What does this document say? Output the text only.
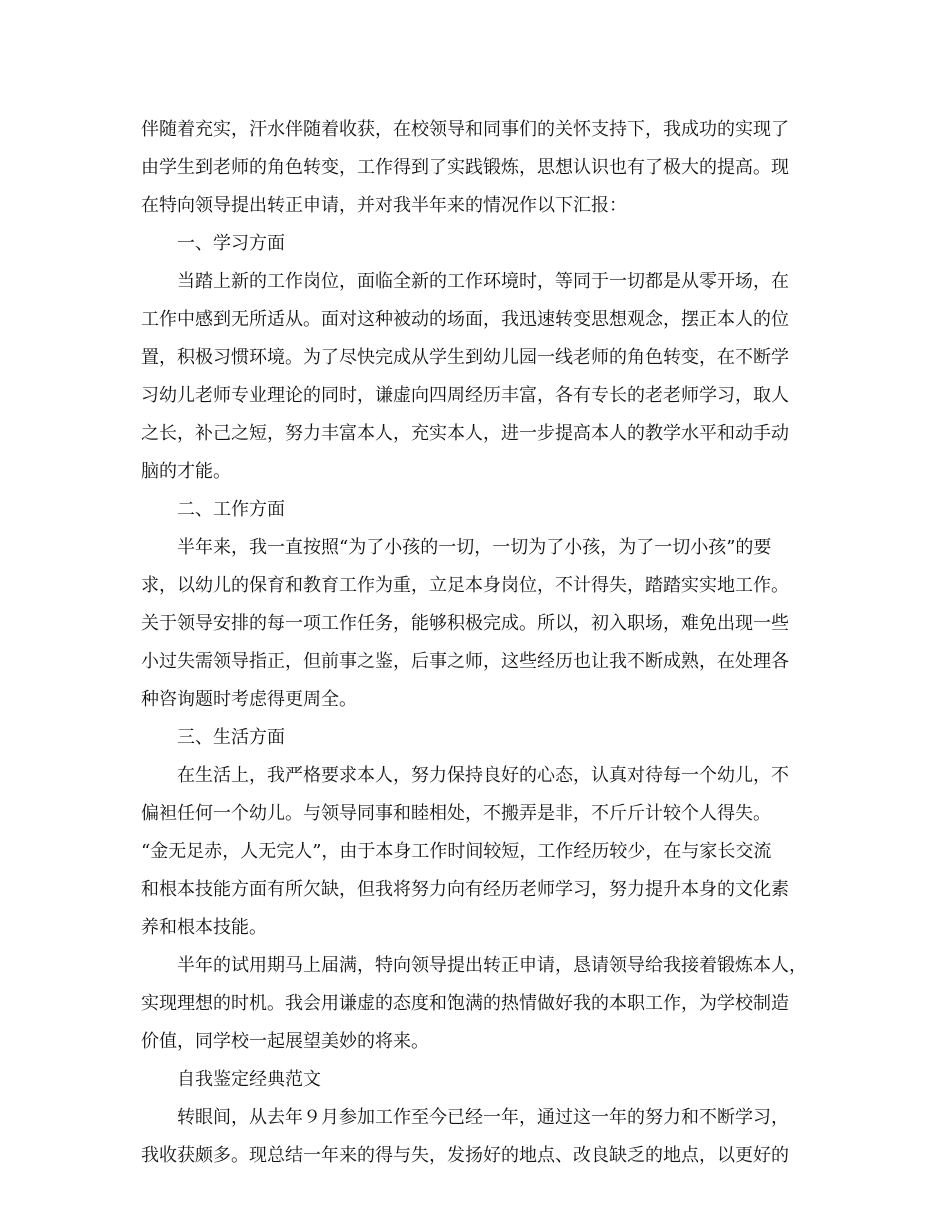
伴随着充实，汗水伴随着收获，在校领导和同事们的关怀支持下，我成功的实现了
由学生到老师的角色转变，工作得到了实践锻炼，思想认识也有了极大的提高。现
在特向领导提出转正申请，并对我半年来的情况作以下汇报：
一、学习方面
当踏上新的工作岗位，面临全新的工作环境时，等同于一切都是从零开场，在
工作中感到无所适从。面对这种被动的场面，我迅速转变思想观念，摆正本人的位
置，积极习惯环境。为了尽快完成从学生到幼儿园一线老师的角色转变，在不断学
习幼儿老师专业理论的同时，谦虚向四周经历丰富，各有专长的老老师学习，取人
之长，补己之短，努力丰富本人，充实本人，进一步提高本人的教学水平和动手动
脑的才能。
二、工作方面
半年来，我一直按照“为了小孩的一切，一切为了小孩，为了一切小孩”的要
求，以幼儿的保育和教育工作为重，立足本身岗位，不计得失，踏踏实实地工作。
关于领导安排的每一项工作任务，能够积极完成。所以，初入职场，难免出现一些
小过失需领导指正，但前事之鉴，后事之师，这些经历也让我不断成熟，在处理各
种咨询题时考虑得更周全。
三、生活方面
在生活上，我严格要求本人，努力保持良好的心态，认真对待每一个幼儿，不
偏袒任何一个幼儿。与领导同事和睦相处，不搬弄是非，不斤斤计较个人得失。
“金无足赤，人无完人”，由于本身工作时间较短，工作经历较少，在与家长交流
和根本技能方面有所欠缺，但我将努力向有经历老师学习，努力提升本身的文化素
养和根本技能。
半年的试用期马上届满，特向领导提出转正申请，恳请领导给我接着锻炼本人，
实现理想的时机。我会用谦虚的态度和饱满的热情做好我的本职工作，为学校制造
价值，同学校一起展望美妙的将来。
自我鉴定经典范文
转眼间，从去年９月参加工作至今已经一年，通过这一年的努力和不断学习，
我收获颇多。现总结一年来的得与失，发扬好的地点、改良缺乏的地点，以更好的
